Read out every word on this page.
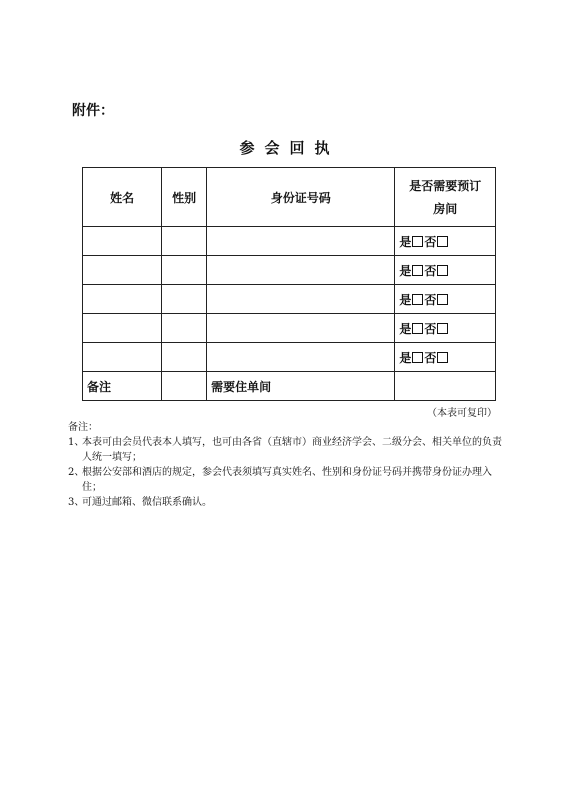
附件：
参会回执
姓名	性别	身份证号码	是否需要预订
房间

			是 否
			是 否
			是 否
			是 否
			是 否
备注		需要住单间	
（本表可复印）
备注：
1、
本表可由会员代表本人填写，也可由各省（直辖市）商业经济学会、二级分会、相关单位的负责人统一填写；
2、
根据公安部和酒店的规定，参会代表须填写真实姓名、性别和身份证号码并携带身份证办理入住；
3、
可通过邮箱、微信联系确认。
